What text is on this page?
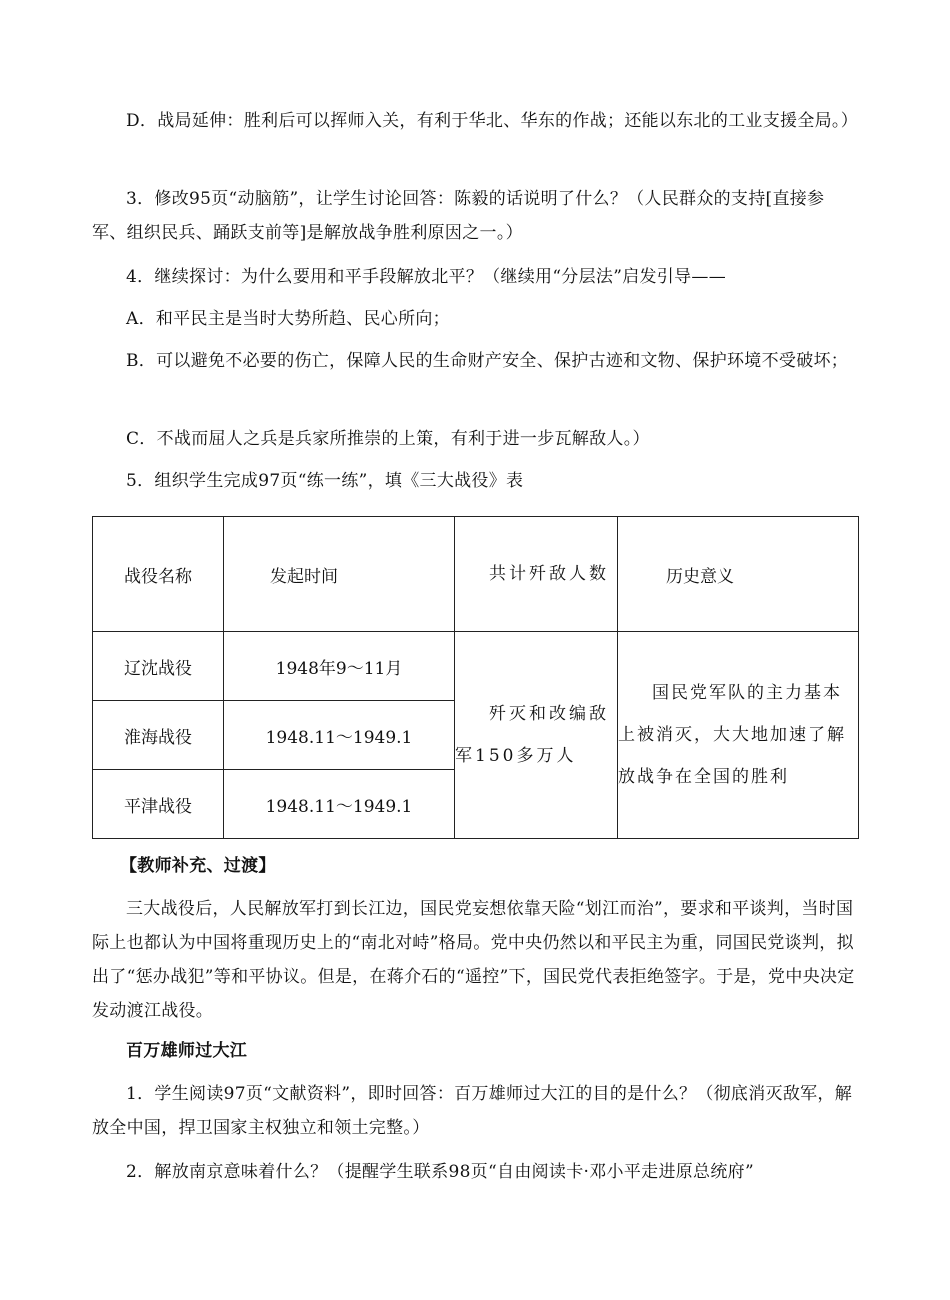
D．战局延伸：胜利后可以挥师入关，有利于华北、华东的作战；还能以东北的工业支援全局。）

3．修改95页“动脑筋”，让学生讨论回答：陈毅的话说明了什么？（人民群众的支持[直接参军、组织民兵、踊跃支前等]是解放战争胜利原因之一。）

4．继续探讨：为什么要用和平手段解放北平？（继续用“分层法”启发引导——

A．和平民主是当时大势所趋、民心所向；

B．可以避免不必要的伤亡，保障人民的生命财产安全、保护古迹和文物、保护环境不受破坏；

C．不战而屈人之兵是兵家所推崇的上策，有利于进一步瓦解敌人。）

5．组织学生完成97页“练一练”，填《三大战役》表

战役名称	发起时间	共计歼敌人数	历史意义
辽沈战役	1948年9～11月	歼灭和改编敌军150多万人	国民党军队的主力基本上被消灭，大大地加速了解放战争在全国的胜利
淮海战役	1948.11～1949.1		
平津战役	1948.11～1949.1		

【教师补充、过渡】

三大战役后，人民解放军打到长江边，国民党妄想依靠天险“划江而治”，要求和平谈判，当时国际上也都认为中国将重现历史上的“南北对峙”格局。党中央仍然以和平民主为重，同国民党谈判，拟出了“惩办战犯”等和平协议。但是，在蒋介石的“遥控”下，国民党代表拒绝签字。于是，党中央决定发动渡江战役。

百万雄师过大江

1．学生阅读97页“文献资料”，即时回答：百万雄师过大江的目的是什么？（彻底消灭敌军，解放全中国，捍卫国家主权独立和领土完整。）

2．解放南京意味着什么？（提醒学生联系98页“自由阅读卡·邓小平走进原总统府”
